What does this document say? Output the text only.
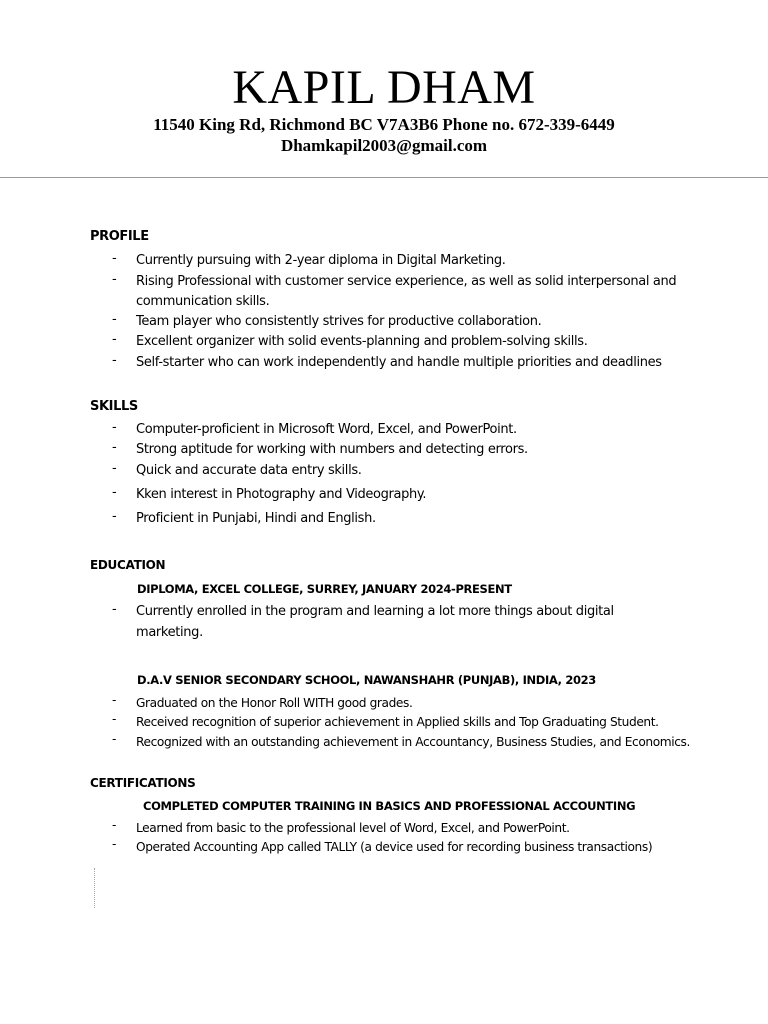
KAPIL DHAM
11540 King Rd, Richmond BC V7A3B6 Phone no. 672-339-6449
Dhamkapil2003@gmail.com
PROFILE
- Currently pursuing with 2-year diploma in Digital Marketing.
- Rising Professional with customer service experience, as well as solid interpersonal and
communication skills.
- Team player who consistently strives for productive collaboration.
- Excellent organizer with solid events-planning and problem-solving skills.
- Self-starter who can work independently and handle multiple priorities and deadlines
SKILLS
- Computer-proficient in Microsoft Word, Excel, and PowerPoint.
- Strong aptitude for working with numbers and detecting errors.
- Quick and accurate data entry skills.
- Kken interest in Photography and Videography.
- Proficient in Punjabi, Hindi and English.
EDUCATION
DIPLOMA, EXCEL COLLEGE, SURREY, JANUARY 2024-PRESENT
- Currently enrolled in the program and learning a lot more things about digital
marketing.
D.A.V SENIOR SECONDARY SCHOOL, NAWANSHAHR (PUNJAB), INDIA, 2023
- Graduated on the Honor Roll WITH good grades.
- Received recognition of superior achievement in Applied skills and Top Graduating Student.
- Recognized with an outstanding achievement in Accountancy, Business Studies, and Economics.
CERTIFICATIONS
COMPLETED COMPUTER TRAINING IN BASICS AND PROFESSIONAL ACCOUNTING
- Learned from basic to the professional level of Word, Excel, and PowerPoint.
- Operated Accounting App called TALLY (a device used for recording business transactions)
